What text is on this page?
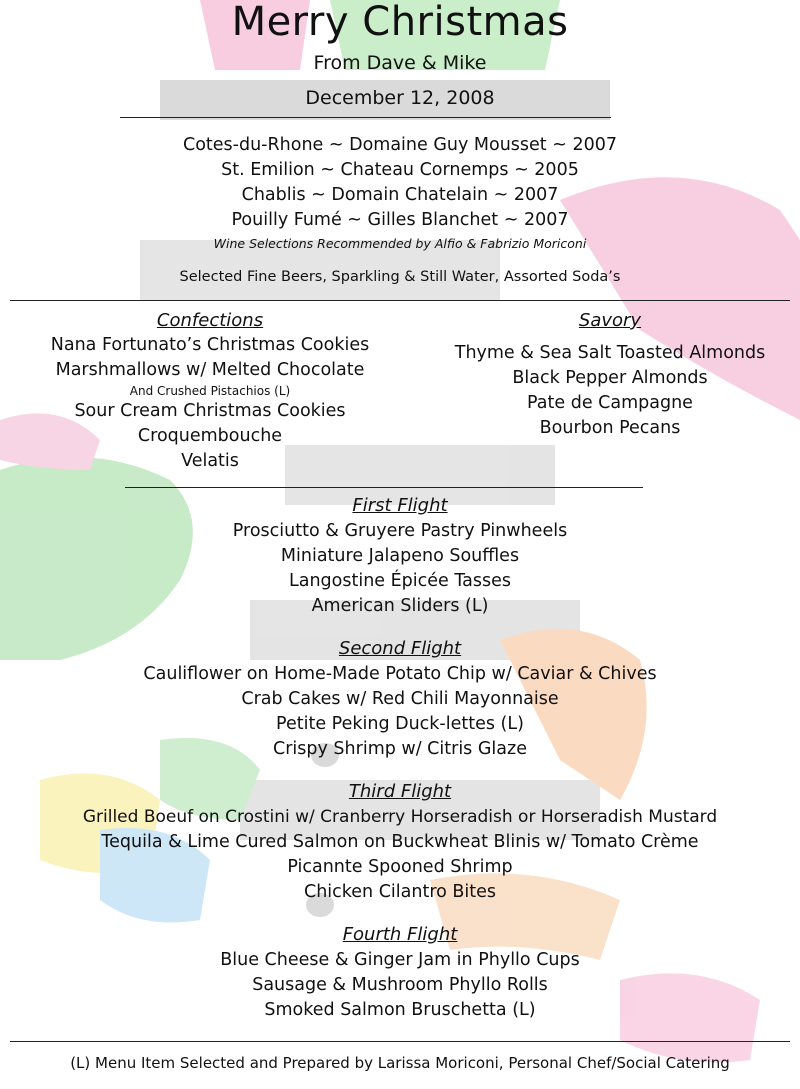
Merry Christmas
From Dave & Mike
December 12, 2008
Cotes-du-Rhone ~ Domaine Guy Mousset ~ 2007
St. Emilion ~ Chateau Cornemps ~ 2005
Chablis ~ Domain Chatelain ~ 2007
Pouilly Fumé ~ Gilles Blanchet ~ 2007
Wine Selections Recommended by Alfio & Fabrizio Moriconi
Selected Fine Beers, Sparkling & Still Water, Assorted Soda’s
Confections
Nana Fortunato’s Christmas Cookies
Marshmallows w/ Melted Chocolate
And Crushed Pistachios (L)
Sour Cream Christmas Cookies
Croquembouche
Velatis
Savory
Thyme & Sea Salt Toasted Almonds
Black Pepper Almonds
Pate de Campagne
Bourbon Pecans
First Flight
Prosciutto & Gruyere Pastry Pinwheels
Miniature Jalapeno Souffles
Langostine Épicée Tasses
American Sliders (L)
Second Flight
Cauliflower on Home-Made Potato Chip w/ Caviar & Chives
Crab Cakes w/ Red Chili Mayonnaise
Petite Peking Duck-lettes (L)
Crispy Shrimp w/ Citris Glaze
Third Flight
Grilled Boeuf on Crostini w/ Cranberry Horseradish or Horseradish Mustard
Tequila & Lime Cured Salmon on Buckwheat Blinis w/ Tomato Crème
Picannte Spooned Shrimp
Chicken Cilantro Bites
Fourth Flight
Blue Cheese & Ginger Jam in Phyllo Cups
Sausage & Mushroom Phyllo Rolls
Smoked Salmon Bruschetta (L)
(L) Menu Item Selected and Prepared by Larissa Moriconi, Personal Chef/Social Catering
